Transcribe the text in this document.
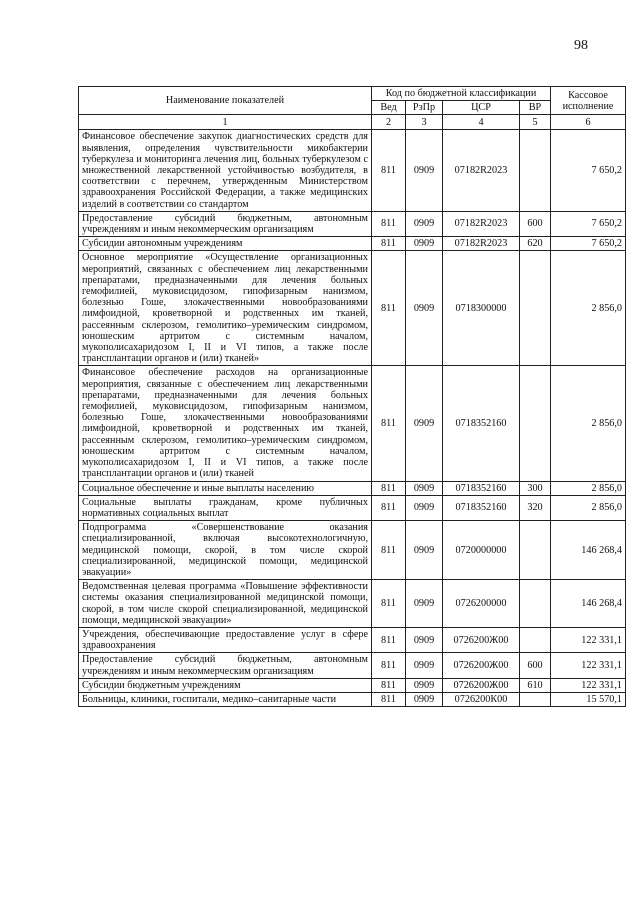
98
Наименование показателей	Код по бюджетной классификации				Кассовое исполнение
	Вед	РзПр	ЦСР	ВР	
1	2	3	4	5	6
Финансовое обеспечение закупок диагностических средств для выявления, определения чувствительности микобактерии туберкулеза и мониторинга лечения лиц, больных туберкулезом с множественной лекарственной устойчивостью возбудителя, в соответствии с перечнем, утвержденным Министерством здравоохранения Российской Федерации, а также медицинских изделий в соответствии со стандартом	811	0909	07182R2023		7 650,2
Предоставление субсидий бюджетным, автономным учреждениям и иным некоммерческим организациям	811	0909	07182R2023	600	7 650,2
Субсидии автономным учреждениям	811	0909	07182R2023	620	7 650,2
Основное мероприятие «Осуществление организационных мероприятий, связанных с обеспечением лиц лекарственными препаратами, предназначенными для лечения больных гемофилией, муковисцидозом, гипофизарным нанизмом, болезнью Гоше, злокачественными новообразованиями лимфоидной, кроветворной и родственных им тканей, рассеянным склерозом, гемолитико–уремическим синдромом, юношеским артритом с системным началом, мукополисахаридозом I, II и VI типов, а также после трансплантации органов и (или) тканей»	811	0909	0718300000		2 856,0
Финансовое обеспечение расходов на организационные мероприятия, связанные с обеспечением лиц лекарственными препаратами, предназначенными для лечения больных гемофилией, муковисцидозом, гипофизарным нанизмом, болезнью Гоше, злокачественными новообразованиями лимфоидной, кроветворной и родственных им тканей, рассеянным склерозом, гемолитико–уремическим синдромом, юношеским артритом с системным началом, мукополисахаридозом I, II и VI типов, а также после трансплантации органов и (или) тканей	811	0909	0718352160		2 856,0
Социальное обеспечение и иные выплаты населению	811	0909	0718352160	300	2 856,0
Социальные выплаты гражданам, кроме публичных нормативных социальных выплат	811	0909	0718352160	320	2 856,0
Подпрограмма «Совершенствование оказания специализированной, включая высокотехнологичную, медицинской помощи, скорой, в том числе скорой специализированной, медицинской помощи, медицинской эвакуации»	811	0909	0720000000		146 268,4
Ведомственная целевая программа «Повышение эффективности системы оказания специализированной медицинской помощи, скорой, в том числе скорой специализированной, медицинской помощи, медицинской эвакуации»	811	0909	0726200000		146 268,4
Учреждения, обеспечивающие предоставление услуг в сфере здравоохранения	811	0909	0726200Ж00		122 331,1
Предоставление субсидий бюджетным, автономным учреждениям и иным некоммерческим организациям	811	0909	0726200Ж00	600	122 331,1
Субсидии бюджетным учреждениям	811	0909	0726200Ж00	610	122 331,1
Больницы, клиники, госпитали, медико–санитарные части	811	0909	0726200К00		15 570,1
